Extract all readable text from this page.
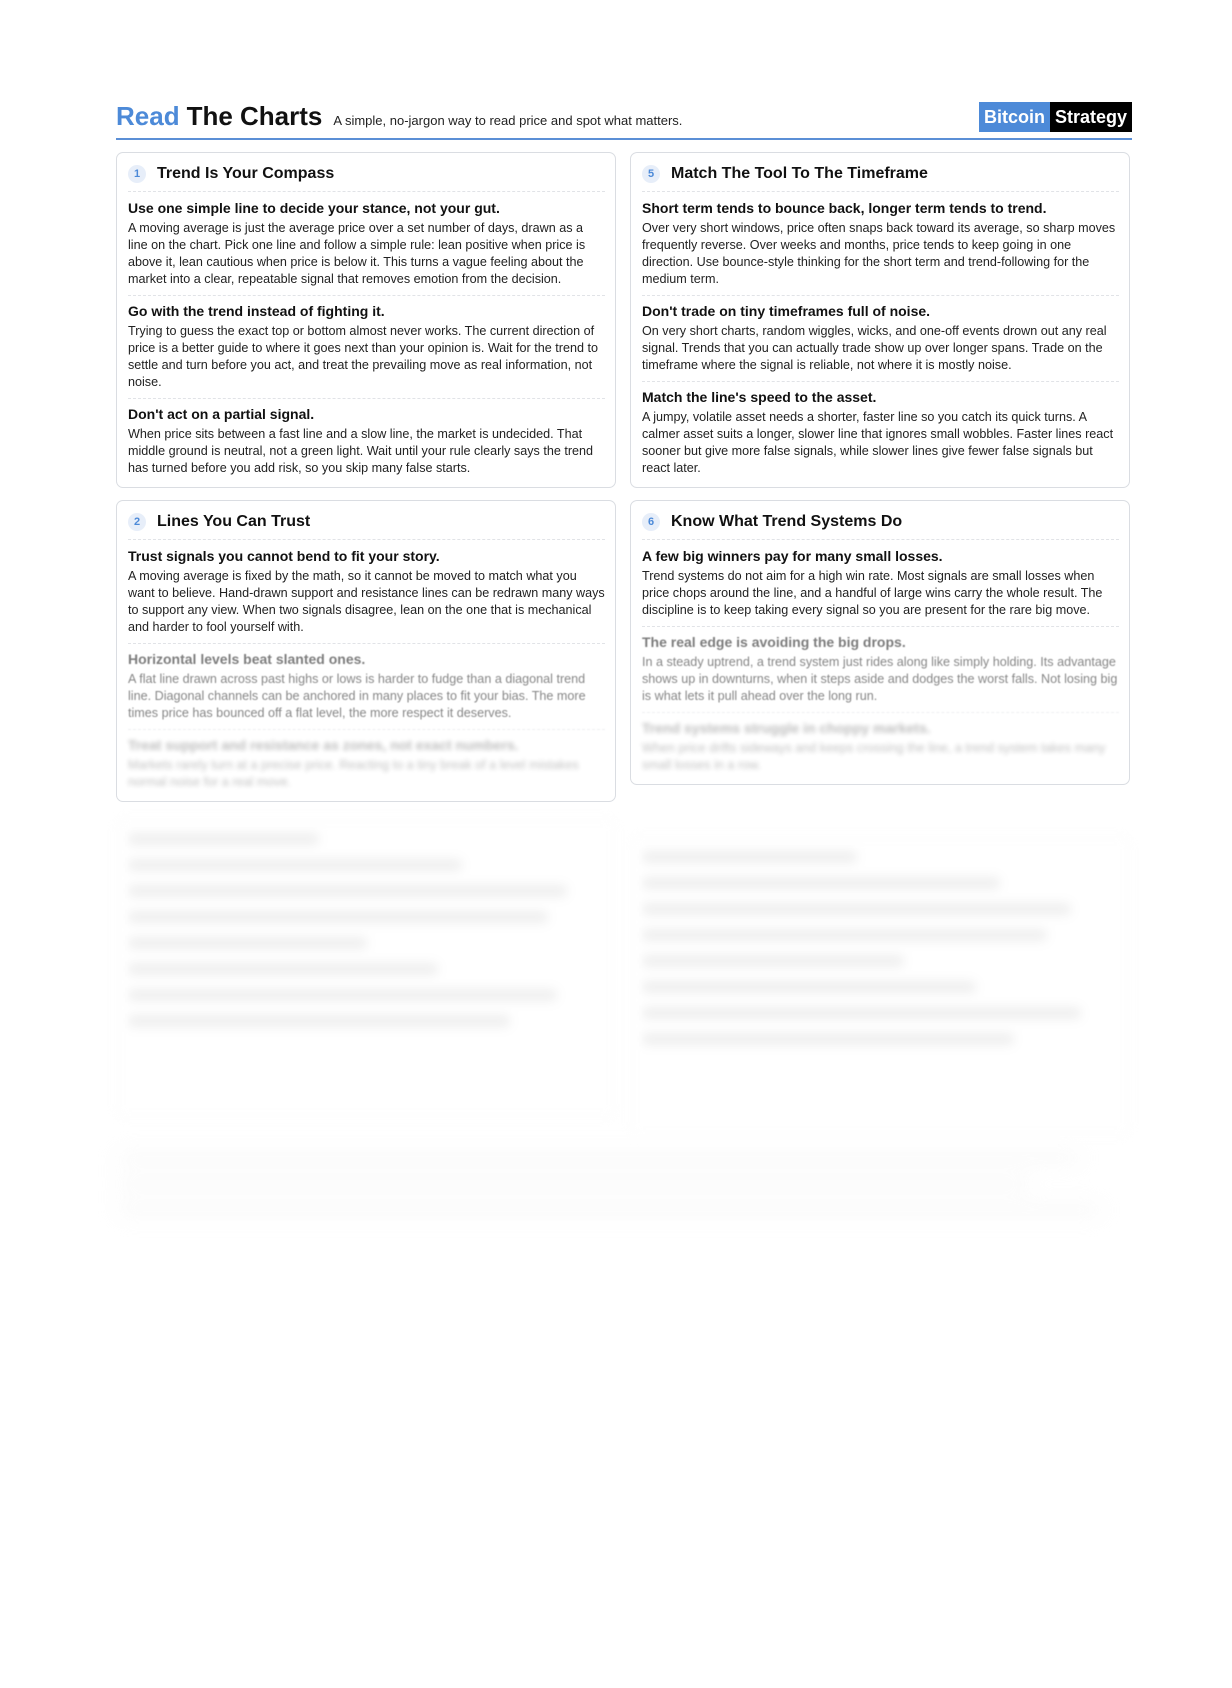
Read The Charts A simple, no-jargon way to read price and spot what matters.	Bitcoin Strategy
1	Trend Is Your Compass
Use one simple line to decide your stance, not your gut.

A moving average is just the average price over a set number of days, drawn as a line on the chart. Pick one line and follow a simple rule: lean positive when price is above it, lean cautious when price is below it. This turns a vague feeling about the market into a clear, repeatable signal that removes emotion from the decision.

Go with the trend instead of fighting it.

Trying to guess the exact top or bottom almost never works. The current direction of price is a better guide to where it goes next than your opinion is. Wait for the trend to settle and turn before you act, and treat the prevailing move as real information, not noise.

Don't act on a partial signal.

When price sits between a fast line and a slow line, the market is undecided. That middle ground is neutral, not a green light. Wait until your rule clearly says the trend has turned before you add risk, so you skip many false starts.

5	Match The Tool To The Timeframe
Short term tends to bounce back, longer term tends to trend.

Over very short windows, price often snaps back toward its average, so sharp moves frequently reverse. Over weeks and months, price tends to keep going in one direction. Use bounce-style thinking for the short term and trend-following for the medium term.

Don't trade on tiny timeframes full of noise.

On very short charts, random wiggles, wicks, and one-off events drown out any real signal. Trends that you can actually trade show up over longer spans. Trade on the timeframe where the signal is reliable, not where it is mostly noise.

Match the line's speed to the asset.

A jumpy, volatile asset needs a shorter, faster line so you catch its quick turns. A calmer asset suits a longer, slower line that ignores small wobbles. Faster lines react sooner but give more false signals, while slower lines give fewer false signals but react later.

2	Lines You Can Trust
Trust signals you cannot bend to fit your story.

A moving average is fixed by the math, so it cannot be moved to match what you want to believe. Hand-drawn support and resistance lines can be redrawn many ways to support any view. When two signals disagree, lean on the one that is mechanical and harder to fool yourself with.

Horizontal levels beat slanted ones.

A flat line drawn across past highs or lows is harder to fudge than a diagonal trend line. Diagonal channels can be anchored in many places to fit your bias. The more times price has bounced off a flat level, the more respect it deserves.

Treat support and resistance as zones, not exact numbers.

Markets rarely turn at a precise price. Reacting to a tiny break of a level mistakes normal noise for a real move.

6	Know What Trend Systems Do
A few big winners pay for many small losses.

Trend systems do not aim for a high win rate. Most signals are small losses when price chops around the line, and a handful of large wins carry the whole result. The discipline is to keep taking every signal so you are present for the rare big move.

The real edge is avoiding the big drops.

In a steady uptrend, a trend system just rides along like simply holding. Its advantage shows up in downturns, when it steps aside and dodges the worst falls. Not losing big is what lets it pull ahead over the long run.

Trend systems struggle in choppy markets.

When price drifts sideways and keeps crossing the line, a trend system takes many small losses in a row.
